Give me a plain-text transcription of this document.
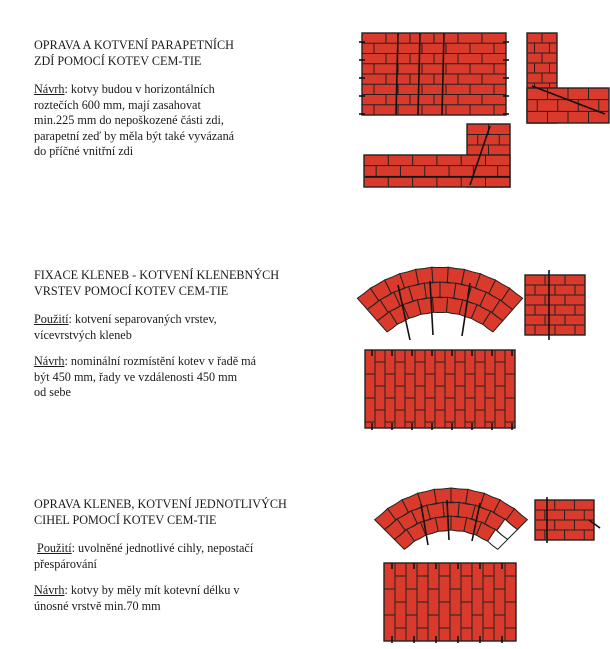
OPRAVA A KOTVENÍ PARAPETNÍCH
ZDÍ POMOCÍ KOTEV CEM-TIE
Návrh: kotvy budou v horizontálních
roztečích 600 mm, mají zasahovat
min.225 mm do nepoškozené části zdi,
parapetní zeď by měla být také vyvázaná
do příčné vnitřní zdi
FIXACE KLENEB - KOTVENÍ KLENEBNÝCH
VRSTEV POMOCÍ KOTEV CEM-TIE
Použití: kotvení separovaných vrstev,
vícevrstvých kleneb
Návrh: nominální rozmístění kotev v řadě má
být 450 mm, řady ve vzdálenosti 450 mm
od sebe
OPRAVA KLENEB, KOTVENÍ JEDNOTLIVÝCH
CIHEL POMOCÍ KOTEV CEM-TIE
Použití: uvolněné jednotlivé cihly, nepostačí
přespárování
Návrh: kotvy by měly mít kotevní délku v
únosné vrstvě min.70 mm
